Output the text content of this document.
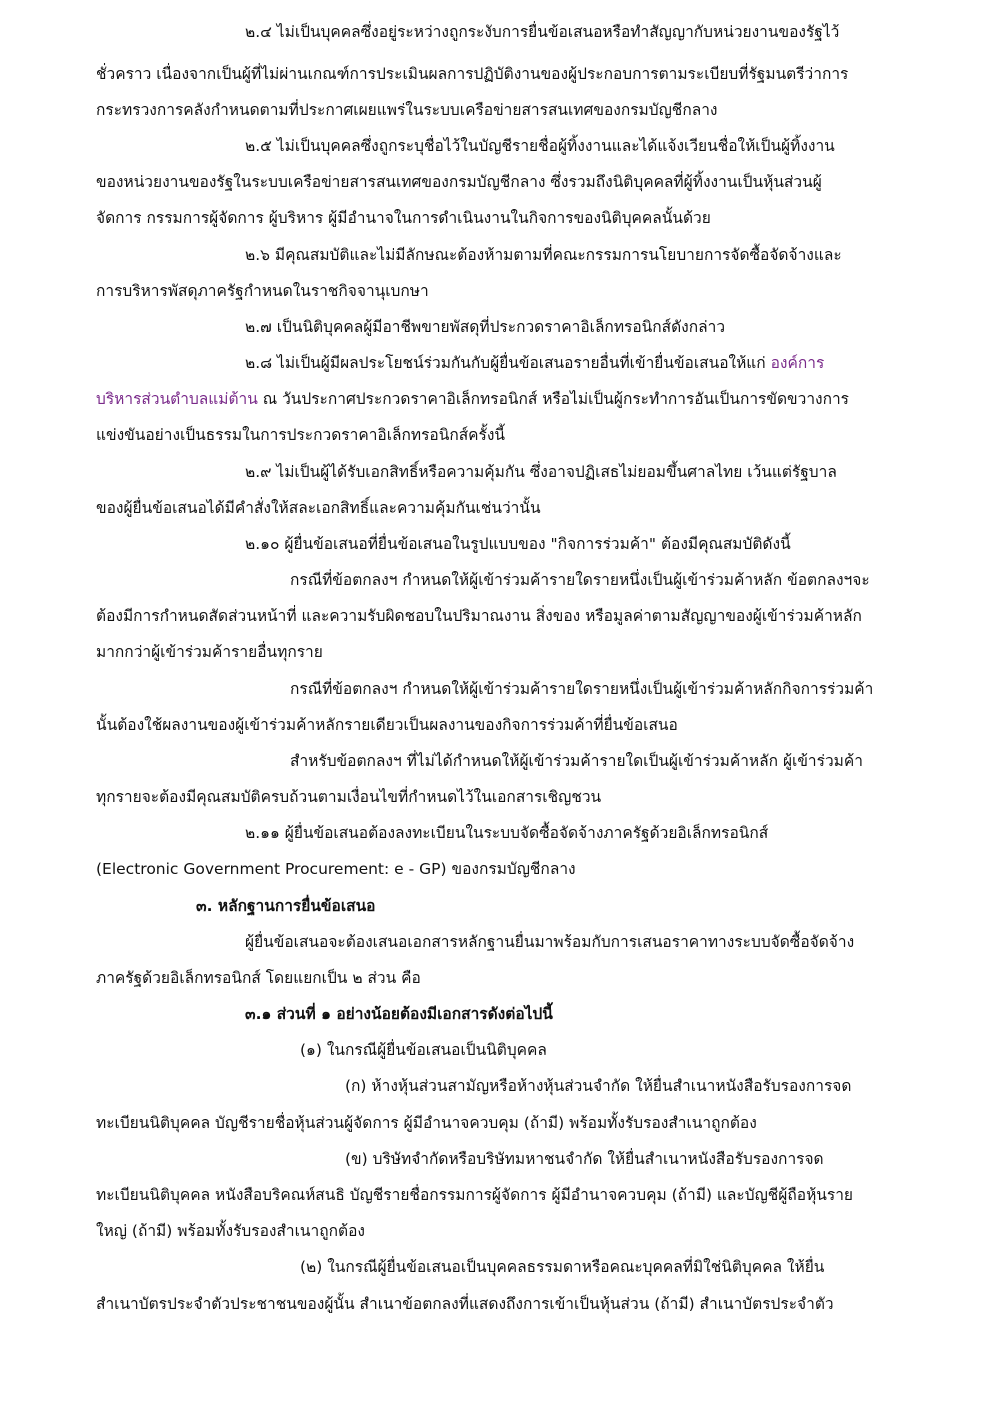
๒.๔ ไม่เป็นบุคคลซึ่งอยู่ระหว่างถูกระงับการยื่นข้อเสนอหรือทำสัญญากับหน่วยงานของรัฐไว้
ชั่วคราว เนื่องจากเป็นผู้ที่ไม่ผ่านเกณฑ์การประเมินผลการปฏิบัติงานของผู้ประกอบการตามระเบียบที่รัฐมนตรีว่าการ
กระทรวงการคลังกำหนดตามที่ประกาศเผยแพร่ในระบบเครือข่ายสารสนเทศของกรมบัญชีกลาง
๒.๕ ไม่เป็นบุคคลซึ่งถูกระบุชื่อไว้ในบัญชีรายชื่อผู้ทิ้งงานและได้แจ้งเวียนชื่อให้เป็นผู้ทิ้งงาน
ของหน่วยงานของรัฐในระบบเครือข่ายสารสนเทศของกรมบัญชีกลาง ซึ่งรวมถึงนิติบุคคลที่ผู้ทิ้งงานเป็นหุ้นส่วนผู้
จัดการ กรรมการผู้จัดการ ผู้บริหาร ผู้มีอำนาจในการดำเนินงานในกิจการของนิติบุคคลนั้นด้วย
๒.๖ มีคุณสมบัติและไม่มีลักษณะต้องห้ามตามที่คณะกรรมการนโยบายการจัดซื้อจัดจ้างและ
การบริหารพัสดุภาครัฐกำหนดในราชกิจจานุเบกษา
๒.๗ เป็นนิติบุคคลผู้มีอาชีพขายพัสดุที่ประกวดราคาอิเล็กทรอนิกส์ดังกล่าว
๒.๘ ไม่เป็นผู้มีผลประโยชน์ร่วมกันกับผู้ยื่นข้อเสนอรายอื่นที่เข้ายื่นข้อเสนอให้แก่ องค์การ
บริหารส่วนตำบลแม่ต้าน ณ วันประกาศประกวดราคาอิเล็กทรอนิกส์ หรือไม่เป็นผู้กระทำการอันเป็นการขัดขวางการ
แข่งขันอย่างเป็นธรรมในการประกวดราคาอิเล็กทรอนิกส์ครั้งนี้
๒.๙ ไม่เป็นผู้ได้รับเอกสิทธิ์หรือความคุ้มกัน ซึ่งอาจปฏิเสธไม่ยอมขึ้นศาลไทย เว้นแต่รัฐบาล
ของผู้ยื่นข้อเสนอได้มีคำสั่งให้สละเอกสิทธิ์และความคุ้มกันเช่นว่านั้น
๒.๑๐ ผู้ยื่นข้อเสนอที่ยื่นข้อเสนอในรูปแบบของ "กิจการร่วมค้า" ต้องมีคุณสมบัติดังนี้
กรณีที่ข้อตกลงฯ กำหนดให้ผู้เข้าร่วมค้ารายใดรายหนึ่งเป็นผู้เข้าร่วมค้าหลัก ข้อตกลงฯจะ
ต้องมีการกำหนดสัดส่วนหน้าที่ และความรับผิดชอบในปริมาณงาน สิ่งของ หรือมูลค่าตามสัญญาของผู้เข้าร่วมค้าหลัก
มากกว่าผู้เข้าร่วมค้ารายอื่นทุกราย
กรณีที่ข้อตกลงฯ กำหนดให้ผู้เข้าร่วมค้ารายใดรายหนึ่งเป็นผู้เข้าร่วมค้าหลักกิจการร่วมค้า
นั้นต้องใช้ผลงานของผู้เข้าร่วมค้าหลักรายเดียวเป็นผลงานของกิจการร่วมค้าที่ยื่นข้อเสนอ
สำหรับข้อตกลงฯ ที่ไม่ได้กำหนดให้ผู้เข้าร่วมค้ารายใดเป็นผู้เข้าร่วมค้าหลัก ผู้เข้าร่วมค้า
ทุกรายจะต้องมีคุณสมบัติครบถ้วนตามเงื่อนไขที่กำหนดไว้ในเอกสารเชิญชวน
๒.๑๑ ผู้ยื่นข้อเสนอต้องลงทะเบียนในระบบจัดซื้อจัดจ้างภาครัฐด้วยอิเล็กทรอนิกส์
(Electronic Government Procurement: e - GP) ของกรมบัญชีกลาง
๓. หลักฐานการยื่นข้อเสนอ
ผู้ยื่นข้อเสนอจะต้องเสนอเอกสารหลักฐานยื่นมาพร้อมกับการเสนอราคาทางระบบจัดซื้อจัดจ้าง
ภาครัฐด้วยอิเล็กทรอนิกส์ โดยแยกเป็น ๒ ส่วน คือ
๓.๑ ส่วนที่ ๑ อย่างน้อยต้องมีเอกสารดังต่อไปนี้
(๑) ในกรณีผู้ยื่นข้อเสนอเป็นนิติบุคคล
(ก) ห้างหุ้นส่วนสามัญหรือห้างหุ้นส่วนจำกัด ให้ยื่นสำเนาหนังสือรับรองการจด
ทะเบียนนิติบุคคล บัญชีรายชื่อหุ้นส่วนผู้จัดการ ผู้มีอำนาจควบคุม (ถ้ามี) พร้อมทั้งรับรองสำเนาถูกต้อง
(ข) บริษัทจำกัดหรือบริษัทมหาชนจำกัด ให้ยื่นสำเนาหนังสือรับรองการจด
ทะเบียนนิติบุคคล หนังสือบริคณห์สนธิ บัญชีรายชื่อกรรมการผู้จัดการ ผู้มีอำนาจควบคุม (ถ้ามี) และบัญชีผู้ถือหุ้นราย
ใหญ่ (ถ้ามี) พร้อมทั้งรับรองสำเนาถูกต้อง
(๒) ในกรณีผู้ยื่นข้อเสนอเป็นบุคคลธรรมดาหรือคณะบุคคลที่มิใช่นิติบุคคล ให้ยื่น
สำเนาบัตรประจำตัวประชาชนของผู้นั้น สำเนาข้อตกลงที่แสดงถึงการเข้าเป็นหุ้นส่วน (ถ้ามี) สำเนาบัตรประจำตัว
